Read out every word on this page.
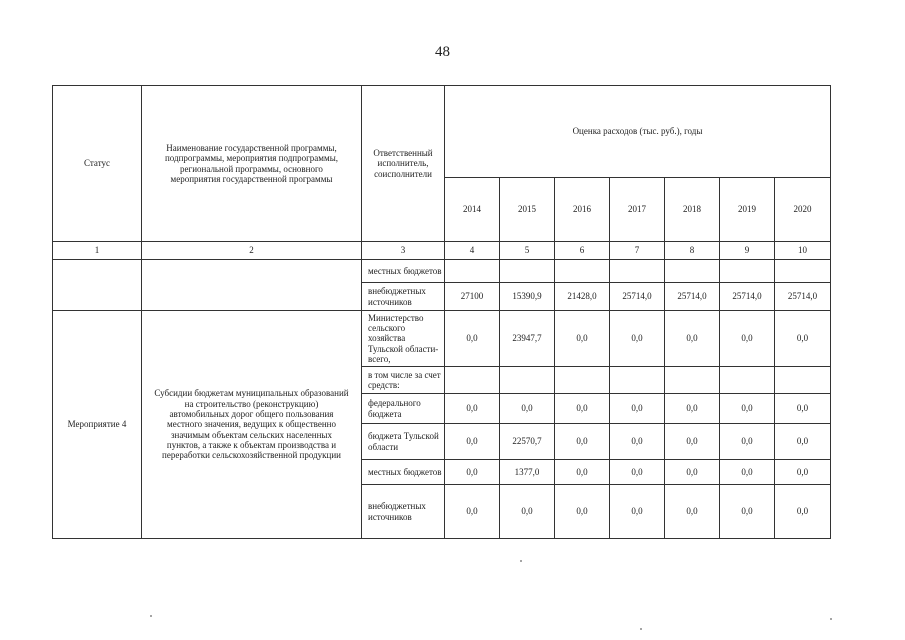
48
Статус	Наименование государственной программы, подпрограммы, мероприятия подпрограммы, региональной программы, основного мероприятия государственной программы	Ответственный исполнитель, соисполнители	Оценка расходов (тыс. руб.), годы						
			2014	2015	2016	2017	2018	2019	2020
1	2	3	4	5	6	7	8	9	10
		местных бюджетов							
		внебюджетных источников	27100	15390,9	21428,0	25714,0	25714,0	25714,0	25714,0
Мероприятие 4	Субсидии бюджетам муниципальных образований на строительство (реконструкцию) автомобильных дорог общего пользования местного значения, ведущих к общественно значимым объектам сельских населенных пунктов, а также к объектам производства и переработки сельскохозяйственной продукции	Министерство сельского хозяйства Тульской области- всего,	0,0	23947,7	0,0	0,0	0,0	0,0	0,0
		в том числе за счет средств:							
		федерального бюджета	0,0	0,0	0,0	0,0	0,0	0,0	0,0
		бюджета Тульской области	0,0	22570,7	0,0	0,0	0,0	0,0	0,0
		местных бюджетов	0,0	1377,0	0,0	0,0	0,0	0,0	0,0
		внебюджетных источников	0,0	0,0	0,0	0,0	0,0	0,0	0,0
